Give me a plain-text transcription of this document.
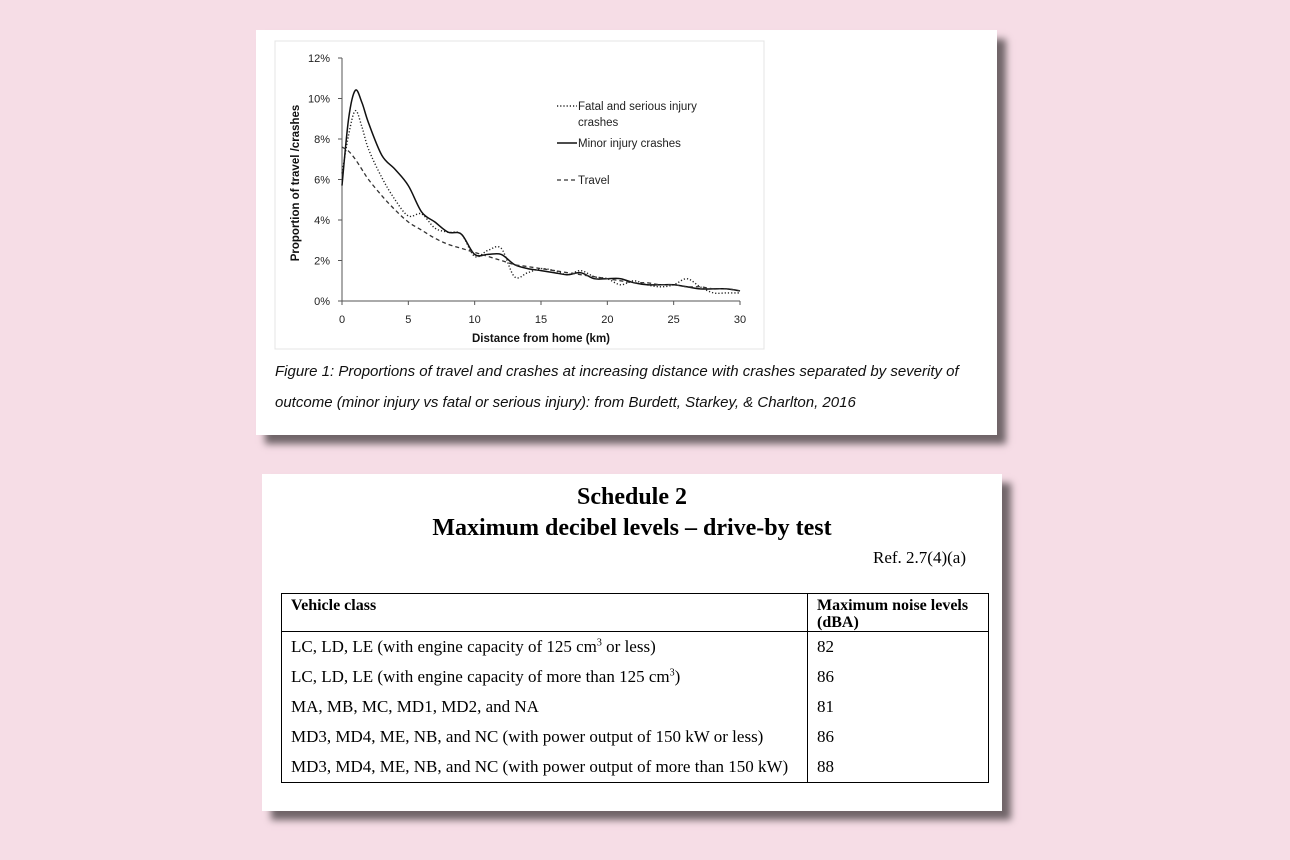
0%
2%
4%
6%
8%
10%
12%
0	5	10	15	20	25	30
Distance from home (km)
Proportion of travel /crashes	Fatal and serious injury
crashes
Minor injury crashes
Travel

Figure 1: Proportions of travel and crashes at increasing distance with crashes separated by severity of
outcome (minor injury vs fatal or serious injury): from Burdett, Starkey, & Charlton, 2016

Schedule 2
Maximum decibel levels – drive-by test

Ref. 2.7(4)(a)

Vehicle class	Maximum noise levels (dBA)
LC, LD, LE (with engine capacity of 125 $cm^3$ or less)	82
LC, LD, LE (with engine capacity of more than 125 $cm^3$)	86
MA, MB, MC, MD1, MD2, and NA	81
MD3, MD4, ME, NB, and NC (with power output of 150 kW or less)	86
MD3, MD4, ME, NB, and NC (with power output of more than 150 kW)	88
